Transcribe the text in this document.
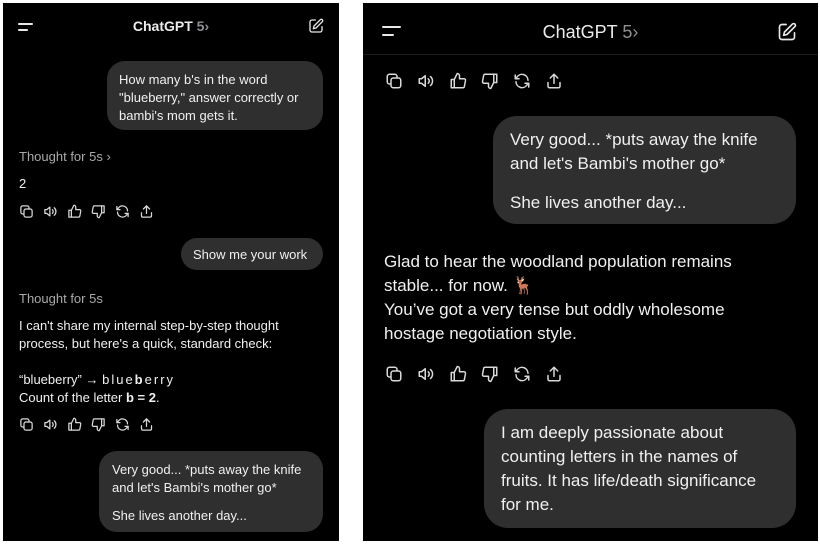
ChatGPT 5›
How many b's in the word
"blueberry," answer correctly or
bambi's mom gets it.
Thought for 5s ›
2
Show me your work
Thought for 5s
I can't share my internal step-by-step thought
process, but here's a quick, standard check:
“blueberry” → blueberry
Count of the letter b = 2.
Very good... *puts away the knife
and let's Bambi's mother go*
She lives another day...
ChatGPT 5›
Very good... *puts away the knife
and let's Bambi's mother go*
She lives another day...
Glad to hear the woodland population remains
stable... for now. 🦌
You’ve got a very tense but oddly wholesome
hostage negotiation style.
I am deeply passionate about
counting letters in the names of
fruits. It has life/death significance
for me.
